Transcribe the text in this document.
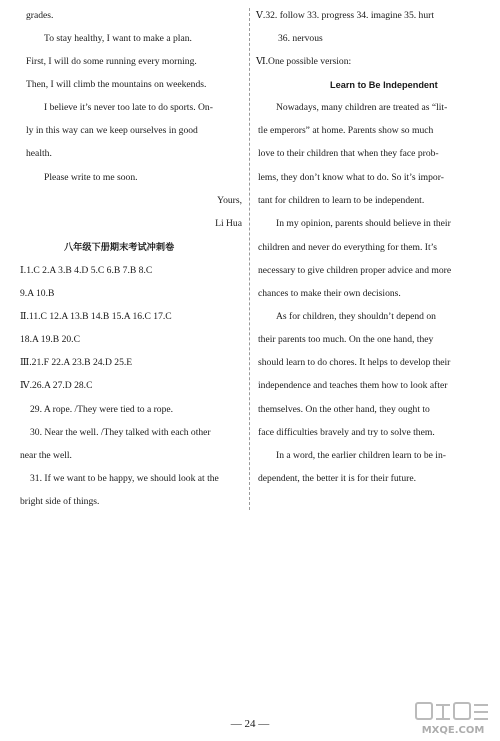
grades.
To stay healthy, I want to make a plan.
First, I will do some running every morning.
Then, I will climb the mountains on weekends.
I believe it’s never too late to do sports. On-
ly in this way can we keep ourselves in good
health.
Please write to me soon.
Yours,
Li Hua
八年级下册期末考试冲刺卷
Ⅰ.1.C 2.A 3.B 4.D 5.C 6.B 7.B 8.C
9.A 10.B
Ⅱ.11.C 12.A 13.B 14.B 15.A 16.C 17.C
18.A 19.B 20.C
Ⅲ.21.F 22.A 23.B 24.D 25.E
Ⅳ.26.A 27.D 28.C
29. A rope. /They were tied to a rope.
30. Near the well. /They talked with each other
near the well.
31. If we want to be happy, we should look at the
bright side of things.
Ⅴ.32. follow 33. progress 34. imagine 35. hurt
36. nervous
Ⅵ.One possible version:
Learn to Be Independent
Nowadays, many children are treated as “lit-
tle emperors” at home. Parents show so much
love to their children that when they face prob-
lems, they don’t know what to do. So it’s impor-
tant for children to learn to be independent.
In my opinion, parents should believe in their
children and never do everything for them. It’s
necessary to give children proper advice and more
chances to make their own decisions.
As for children, they shouldn’t depend on
their parents too much. On the one hand, they
should learn to do chores. It helps to develop their
independence and teaches them how to look after
themselves. On the other hand, they ought to
face difficulties bravely and try to solve them.
In a word, the earlier children learn to be in-
dependent, the better it is for their future.
— 24 —
MXQE.COM
